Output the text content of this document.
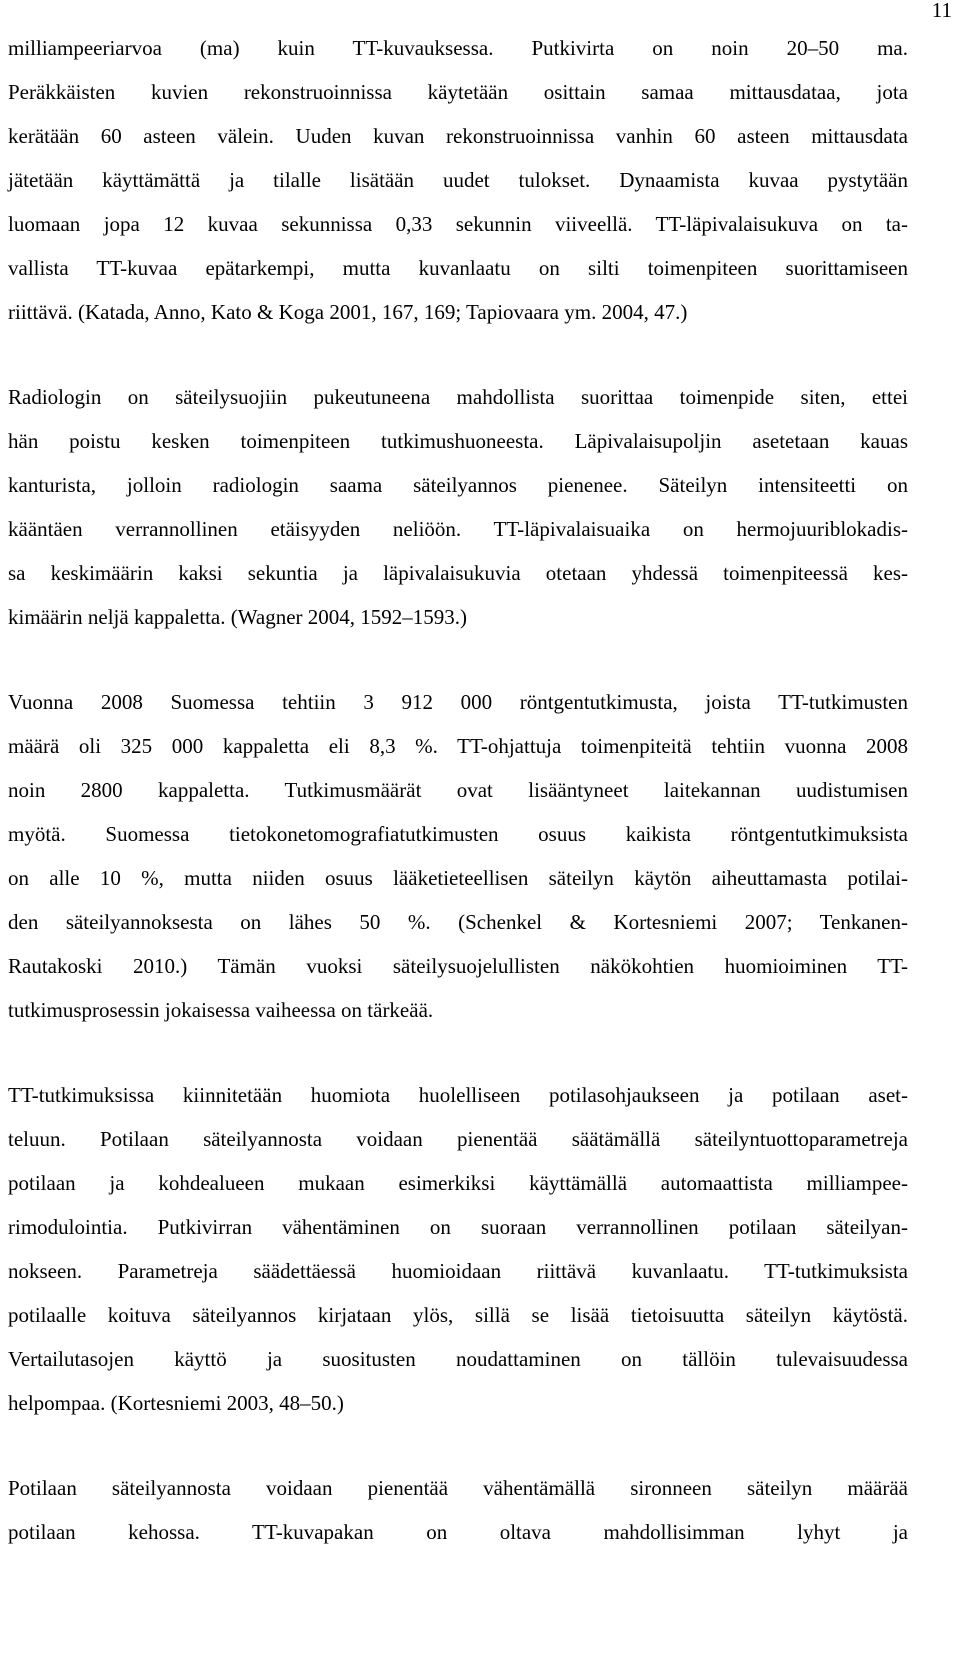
11
milliampeeriarvoa (ma) kuin TT-kuvauksessa. Putkivirta on noin 20–50 ma.
Peräkkäisten kuvien rekonstruoinnissa käytetään osittain samaa mittausdataa, jota
kerätään 60 asteen välein. Uuden kuvan rekonstruoinnissa vanhin 60 asteen mittausdata
jätetään käyttämättä ja tilalle lisätään uudet tulokset. Dynaamista kuvaa pystytään
luomaan jopa 12 kuvaa sekunnissa 0,33 sekunnin viiveellä. TT-läpivalaisukuva on ta-
vallista TT-kuvaa epätarkempi, mutta kuvanlaatu on silti toimenpiteen suorittamiseen
riittävä. (Katada, Anno, Kato & Koga 2001, 167, 169; Tapiovaara ym. 2004, 47.)
Radiologin on säteilysuojiin pukeutuneena mahdollista suorittaa toimenpide siten, ettei
hän poistu kesken toimenpiteen tutkimushuoneesta. Läpivalaisupoljin asetetaan kauas
kanturista, jolloin radiologin saama säteilyannos pienenee. Säteilyn intensiteetti on
kääntäen verrannollinen etäisyyden neliöön. TT-läpivalaisuaika on hermojuuriblokadis-
sa keskimäärin kaksi sekuntia ja läpivalaisukuvia otetaan yhdessä toimenpiteessä kes-
kimäärin neljä kappaletta. (Wagner 2004, 1592–1593.)
Vuonna 2008 Suomessa tehtiin 3 912 000 röntgentutkimusta, joista TT-tutkimusten
määrä oli 325 000 kappaletta eli 8,3 %. TT-ohjattuja toimenpiteitä tehtiin vuonna 2008
noin 2800 kappaletta. Tutkimusmäärät ovat lisääntyneet laitekannan uudistumisen
myötä. Suomessa tietokonetomografiatutkimusten osuus kaikista röntgentutkimuksista
on alle 10 %, mutta niiden osuus lääketieteellisen säteilyn käytön aiheuttamasta potilai-
den säteilyannoksesta on lähes 50 %. (Schenkel & Kortesniemi 2007; Tenkanen-
Rautakoski 2010.) Tämän vuoksi säteilysuojelullisten näkökohtien huomioiminen TT-
tutkimusprosessin jokaisessa vaiheessa on tärkeää.
TT-tutkimuksissa kiinnitetään huomiota huolelliseen potilasohjaukseen ja potilaan aset-
teluun. Potilaan säteilyannosta voidaan pienentää säätämällä säteilyntuottoparametreja
potilaan ja kohdealueen mukaan esimerkiksi käyttämällä automaattista milliampee-
rimodulointia. Putkivirran vähentäminen on suoraan verrannollinen potilaan säteilyan-
nokseen. Parametreja säädettäessä huomioidaan riittävä kuvanlaatu. TT-tutkimuksista
potilaalle koituva säteilyannos kirjataan ylös, sillä se lisää tietoisuutta säteilyn käytöstä.
Vertailutasojen käyttö ja suositusten noudattaminen on tällöin tulevaisuudessa
helpompaa. (Kortesniemi 2003, 48–50.)
Potilaan säteilyannosta voidaan pienentää vähentämällä sironneen säteilyn määrää
potilaan kehossa. TT-kuvapakan on oltava mahdollisimman lyhyt ja
